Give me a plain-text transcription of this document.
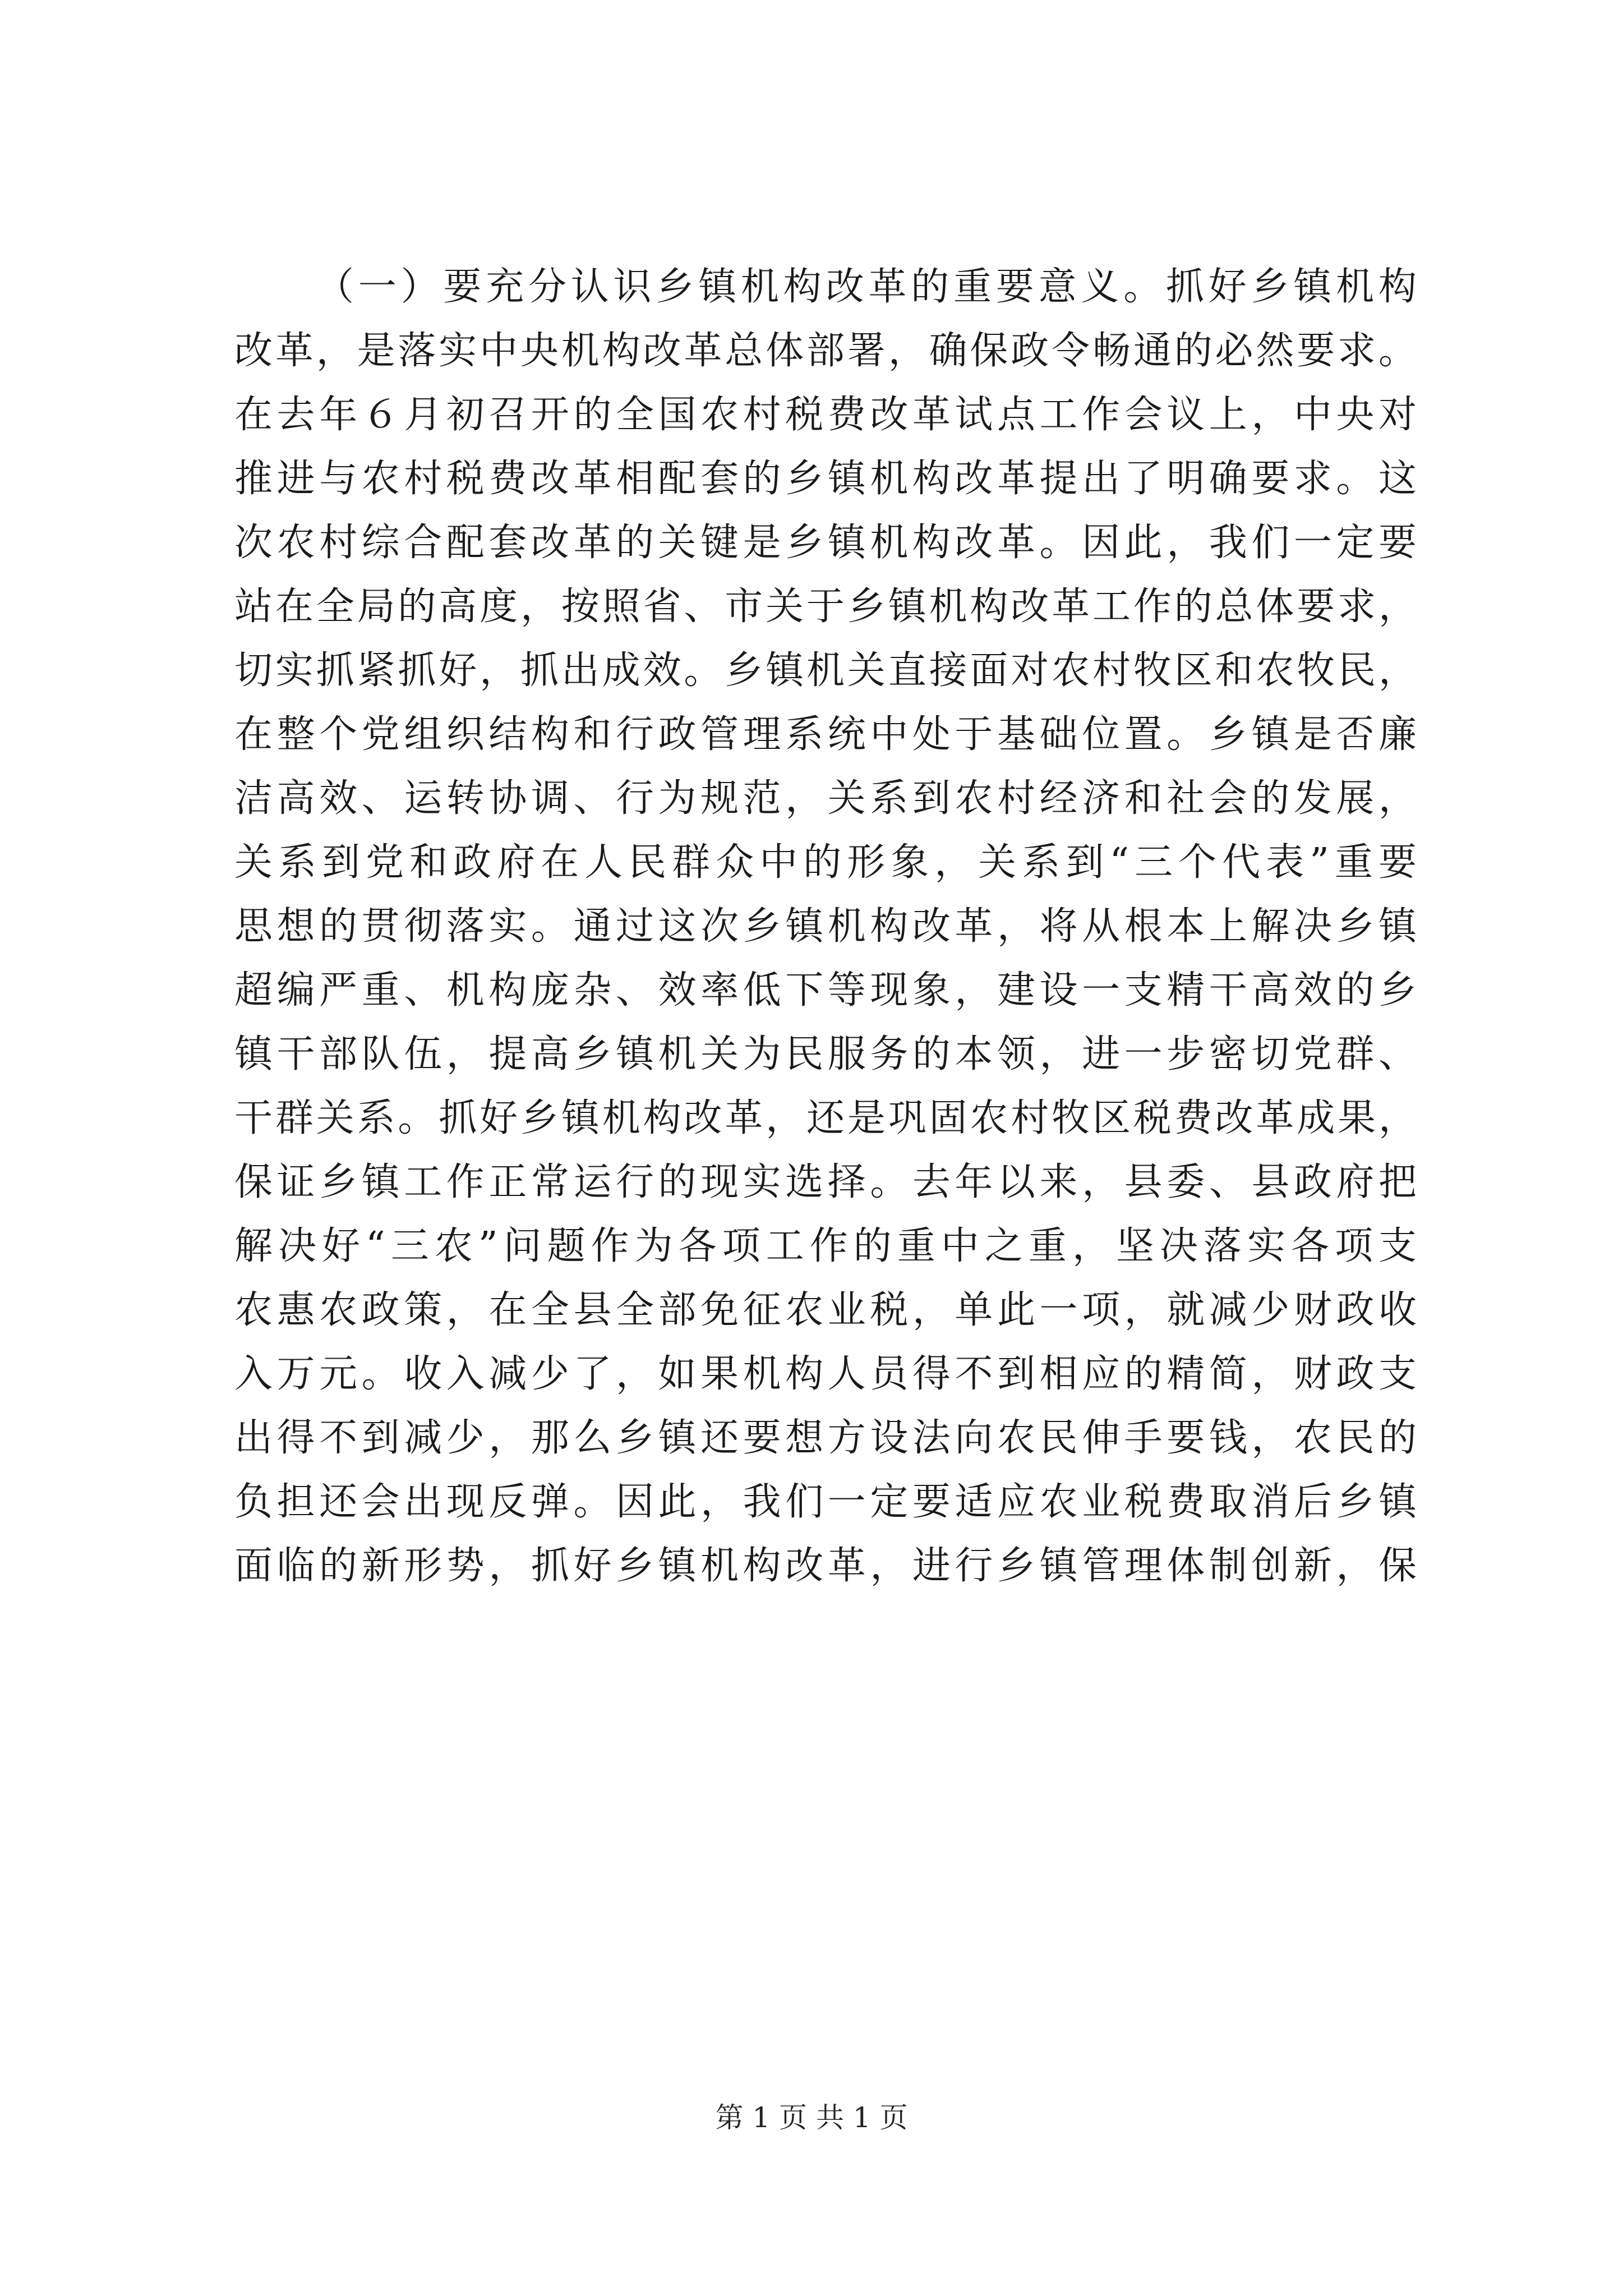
（一）要充分认识乡镇机构改革的重要意义。抓好乡镇机构
改革，是落实中央机构改革总体部署，确保政令畅通的必然要求。
在去年６月初召开的全国农村税费改革试点工作会议上，中央对
推进与农村税费改革相配套的乡镇机构改革提出了明确要求。这
次农村综合配套改革的关键是乡镇机构改革。因此，我们一定要
站在全局的高度，按照省、市关于乡镇机构改革工作的总体要求，
切实抓紧抓好，抓出成效。乡镇机关直接面对农村牧区和农牧民，
在整个党组织结构和行政管理系统中处于基础位置。乡镇是否廉
洁高效、运转协调、行为规范，关系到农村经济和社会的发展，
关系到党和政府在人民群众中的形象，关系到“三个代表”重要
思想的贯彻落实。通过这次乡镇机构改革，将从根本上解决乡镇
超编严重、机构庞杂、效率低下等现象，建设一支精干高效的乡
镇干部队伍，提高乡镇机关为民服务的本领，进一步密切党群、
干群关系。抓好乡镇机构改革，还是巩固农村牧区税费改革成果，
保证乡镇工作正常运行的现实选择。去年以来，县委、县政府把
解决好“三农”问题作为各项工作的重中之重，坚决落实各项支
农惠农政策，在全县全部免征农业税，单此一项，就减少财政收
入万元。收入减少了，如果机构人员得不到相应的精简，财政支
出得不到减少，那么乡镇还要想方设法向农民伸手要钱，农民的
负担还会出现反弹。因此，我们一定要适应农业税费取消后乡镇
面临的新形势，抓好乡镇机构改革，进行乡镇管理体制创新，保
第 1 页 共 1 页
